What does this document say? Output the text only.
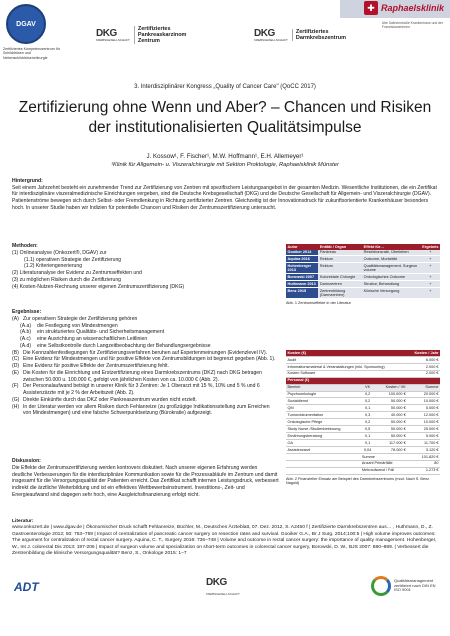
DGAV
Zertifiziertes Kompetenzzentrum für Schilddrüsen und Nebenschilddrüsenchirurgie
DKG
KREBSGESELLSCHAFT
Zertifiziertes Pankreaskarzinom Zentrum
DKG
KREBSGESELLSCHAFT
Zertifiziertes Darmkrebszentrum
✚ Raphaelsklinik
Alte Salinenstraße Krankenhaus und der Franziskanerinnen
3. Interdisziplinärer Kongress „Quality of Cancer Care" (QoCC 2017)
Zertifizierung ohne Wenn und Aber? – Chancen und Risiken der institutionalisierten Qualitätsimpulse
J. Kossow¹, F. Fischer¹, M.W. Hoffmann¹, E.H. Allemeyer¹
¹Klinik für Allgemein- u. Viszeralchirurgie mit Sektion Proktologie, Raphaelsklinik Münster
Hintergrund:
Seit einem Jahrzehnt besteht ein zunehmender Trend zur Zertifizierung von Zentren mit spezifischem Leistungsangebot in der gesamten Medizin. Wesentliche Institutionen, die ein Zertifikat für interdisziplinäre viszeralmedizinische Einrichtungen vergeben, sind die Deutsche Krebsgesellschaft (DKG) und die Deutsche Gesellschaft für Allgemein- und Viszeralchirurgie (DGAV). Patientenströme bewegen sich durch Selbst- oder Fremdlenkung in Richtung zertifizierter Zentren. Gleichzeitig ist der Innovationsdruck für zukunftsorientierte Krankenhäuser besonders hoch. In unserer Studie haben wir Indizien für potentielle Chancen und Risiken der Zentrumszertifizierung untersucht.
Methoden:
(1) Onlineanalyse (Onkozert®, DGAV) zur
(1.1) operativen Strategie der Zertifizierung
(1.2) Kriteriengenerierung
(2) Literaturanalyse der Evidenz zu Zentrumseffekten und
(3) zu möglichen Risiken durch die Zertifizierung
(4) Kosten-Nutzen-Rechnung unserer eigenen Zentrumszertifizierung (DKG)
Ergebnisse:
(A) Zur operativen Strategie der Zertifizierung gehören
(A.a)	die Festlegung von Mindestmengen
(A.b)	ein strukturiertes Qualitäts- und Sicherheitsmanagement
(A.c)	eine Ausrichtung an wissenschaftlichen Leitlinien
(A.d)	eine Selbstkontrolle durch Langzeitbeobachtung der Behandlungsergebnisse
(B) Die Kennzahlenfestlegungen für Zertifizierungsverfahren beruhen auf Expertenmeinungen (Evidenzlevel IV).
(C) Eine Evidenz für Mindestmengen und für positive Effekte von Zentrumsbildungen ist begrenzt gegeben (Abb. 1).
(D) Eine Evidenz für positive Effekte der Zentrumszertifizierung fehlt.
(E) Die Kosten für die Einrichtung und Erstzertifizierung eines Darmkrebszentrums (DKZ) nach DKG betragen zwischen 50.000 u. 100.000 €, gefolgt von jährlichen Kosten von ca. 10.000 € (Abb. 2).
(F) Der Personalaufwand beträgt in unserer Klinik für 3 Zentren: Je 1 Oberarzt mit 15 %, 10% und 5 % und 6 Assistenzärzte mit je 2 % der Arbeitszeit (Abb. 2).
(G) Direkte Einkünfte durch das DKZ oder Pankreaszentrum wurden nicht erzielt.
(H) In der Literatur werden vor allem Risiken durch Fehlanreize (zu großzügige Indikationsstellung zum Erreichen von Mindestmengen) und eine falsche Schwerpunktsetzung (Bürokratie) aufgezeigt.
Diskussion:
Die Effekte der Zentrumszertifizierung werden kontrovers diskutiert. Nach unserer eigenen Erfahrung werden deutliche Verbesserungen für die interdisziplinäre Kommunikation sowie für die Prozessabläufe im Zentrum und damit insgesamt für die Versorgungsqualität der Patienten erreicht. Das Zertifikat schafft internen Leistungsdruck, verbessert indirekt die ärztliche Weiterbildung und ist ein effektives Wettbewerbsinstrument. Investitions-, Zeit- und Energieaufwand sind dagegen sehr hoch, eine Ausgleichsfinanzierung erfolgt nicht.
Autor	Entität / Organ	Effekt für…	Ergebnis
Gooiker 2014	Pankreas	Resektionsrate, Überleben	+
Aquina 2016	Rektum	Outcome, Mortalität	+
Hohenberger 2013	Rektum	Qualitätsmanagement, Surgeon volume	+
Borowski 2007	Kolorektale Chirurgie	Onkologisches Outcome	+
Huthmann 2013	Darmzentren	Struktur, Behandlung	+
Benz 2015	Zentrenbildung (Darmzentren)	Klinische Versorgung	+
Abb. 1 Zentrumseffekte in der Literatur
Kosten (€)			Kosten / Jahr
Audit			6.000 €
Informationsmaterial & Veranstaltungen (inkl. Sponsoring)			2.000 €
Kosten Software			2.000 €
Personal (€)			
Bereich	VK	Kosten / VK	Summe
Psychoonkologie	0,2	100.000 €	20.000 €
Sozialdienst	0,2	50.000 €	10.000 €
QM	0,1	50.000 €	5.000 €
Tumordokumentation	0,3	40.000 €	12.000 €
Onkologische Pflege	0,2	50.000 €	10.000 €
Study Nurse /Studienbetreuung	0,5	50.000 €	25.000 €
Ernährungsberatung	0,1	50.000 €	5.000 €
OA	0,1	117.000 €	11.700 €
Assistenzarzt	0,04	78.000 €	3.120 €
	Summe		101.820 €
	Anzahl Primärfälle		80
	Mehraufwand / Fall		1.273 €
Abb. 2 Finanzieller Einsatz am Beispiel des Darmkrebszentrums (mod. Nach S. Benz Nagold)
Literatur:
www.onkozert.de | www.dgav.de | Ökonomischer Druck schafft Fehlanreize, Büchler, M., Deutsches Ärzteblatt, 07. Dez. 2012, S. A2450 f | Zertifizierte Darmkrebszentren aus… , Huthmann, D., Z. Gastroenterologie 2012; 50: 753–759 | Impact of centralization of pancreatic cancer surgery on resection rates and survival. Gooiker G.A., Br J Surg. 2014;100:5 | High volume improves outcomes: The argument for centralization of rectal cancer surgery. Aquina, C. T., Surgery 2016: 736–748 | Volume and outcome in rectal cancer surgery: the importance of quality management. Hohenberger, W., Int J. colorectal Dis 2013: 197-206 | Impact of surgeon volume and specialization on short-term outcomes in colorectal cancer surgery, Borowski, D. W., BJS 2007: 880–889. | Verbessert die Zentrenbildung die klinische Versorgungsqualität? Benz, S., Onkologe 2015: 1–7
ADT	DKG
KREBSGESELLSCHAFT
Qualitätsmanagement zertifiziert nach DIN EN ISO 9001
